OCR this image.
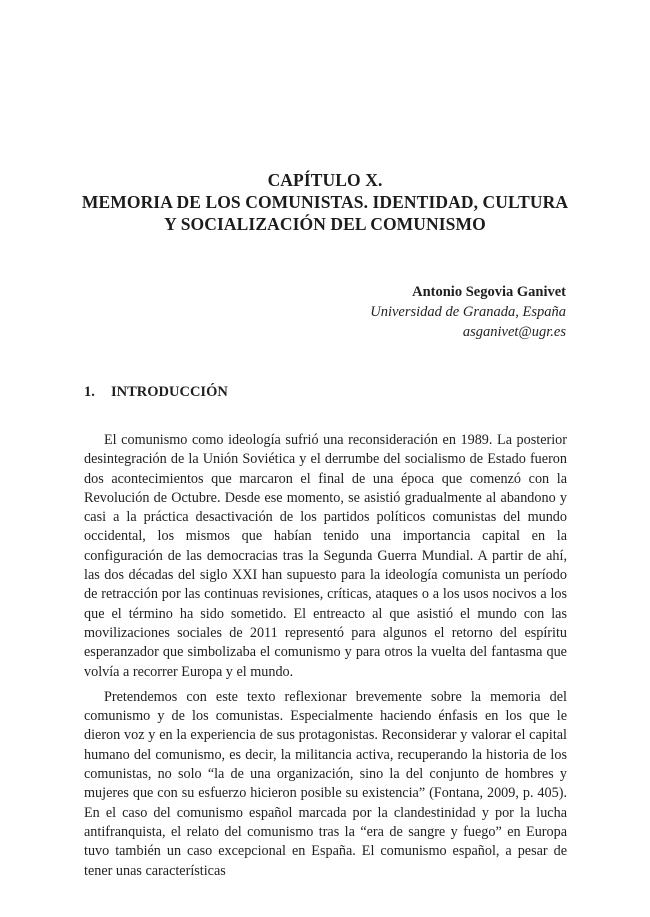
CAPÍTULO X.
MEMORIA DE LOS COMUNISTAS. IDENTIDAD, CULTURA
Y SOCIALIZACIÓN DEL COMUNISMO
Antonio Segovia Ganivet
Universidad de Granada, España
asganivet@ugr.es
1. INTRODUCCIÓN

El comunismo como ideología sufrió una reconsideración en 1989. La posterior desintegración de la Unión Soviética y el derrumbe del socialismo de Estado fueron dos acontecimientos que marcaron el final de una época que comenzó con la Revolución de Octubre. Desde ese momento, se asistió gradualmente al abandono y casi a la práctica desactivación de los partidos políticos comunistas del mundo occidental, los mismos que habían tenido una importancia capital en la configuración de las democracias tras la Segunda Guerra Mundial. A partir de ahí, las dos décadas del siglo XXI han supuesto para la ideología comunista un período de retracción por las continuas revisiones, críticas, ataques o a los usos nocivos a los que el término ha sido sometido. El entreacto al que asistió el mundo con las movilizaciones sociales de 2011 representó para algunos el retorno del espíritu esperanzador que simbolizaba el comunismo y para otros la vuelta del fantasma que volvía a recorrer Europa y el mundo.

Pretendemos con este texto reflexionar brevemente sobre la memoria del comunismo y de los comunistas. Especialmente haciendo énfasis en los que le dieron voz y en la experiencia de sus protagonistas. Reconsiderar y valorar el capital humano del comunismo, es decir, la militancia activa, recuperando la historia de los comunistas, no solo “la de una organización, sino la del conjunto de hombres y mujeres que con su esfuerzo hicieron posible su existencia” (Fontana, 2009, p. 405). En el caso del comunismo español marcada por la clandestinidad y por la lucha antifranquista, el relato del comunismo tras la “era de sangre y fuego” en Europa tuvo también un caso excepcional en España. El comunismo español, a pesar de tener unas características
